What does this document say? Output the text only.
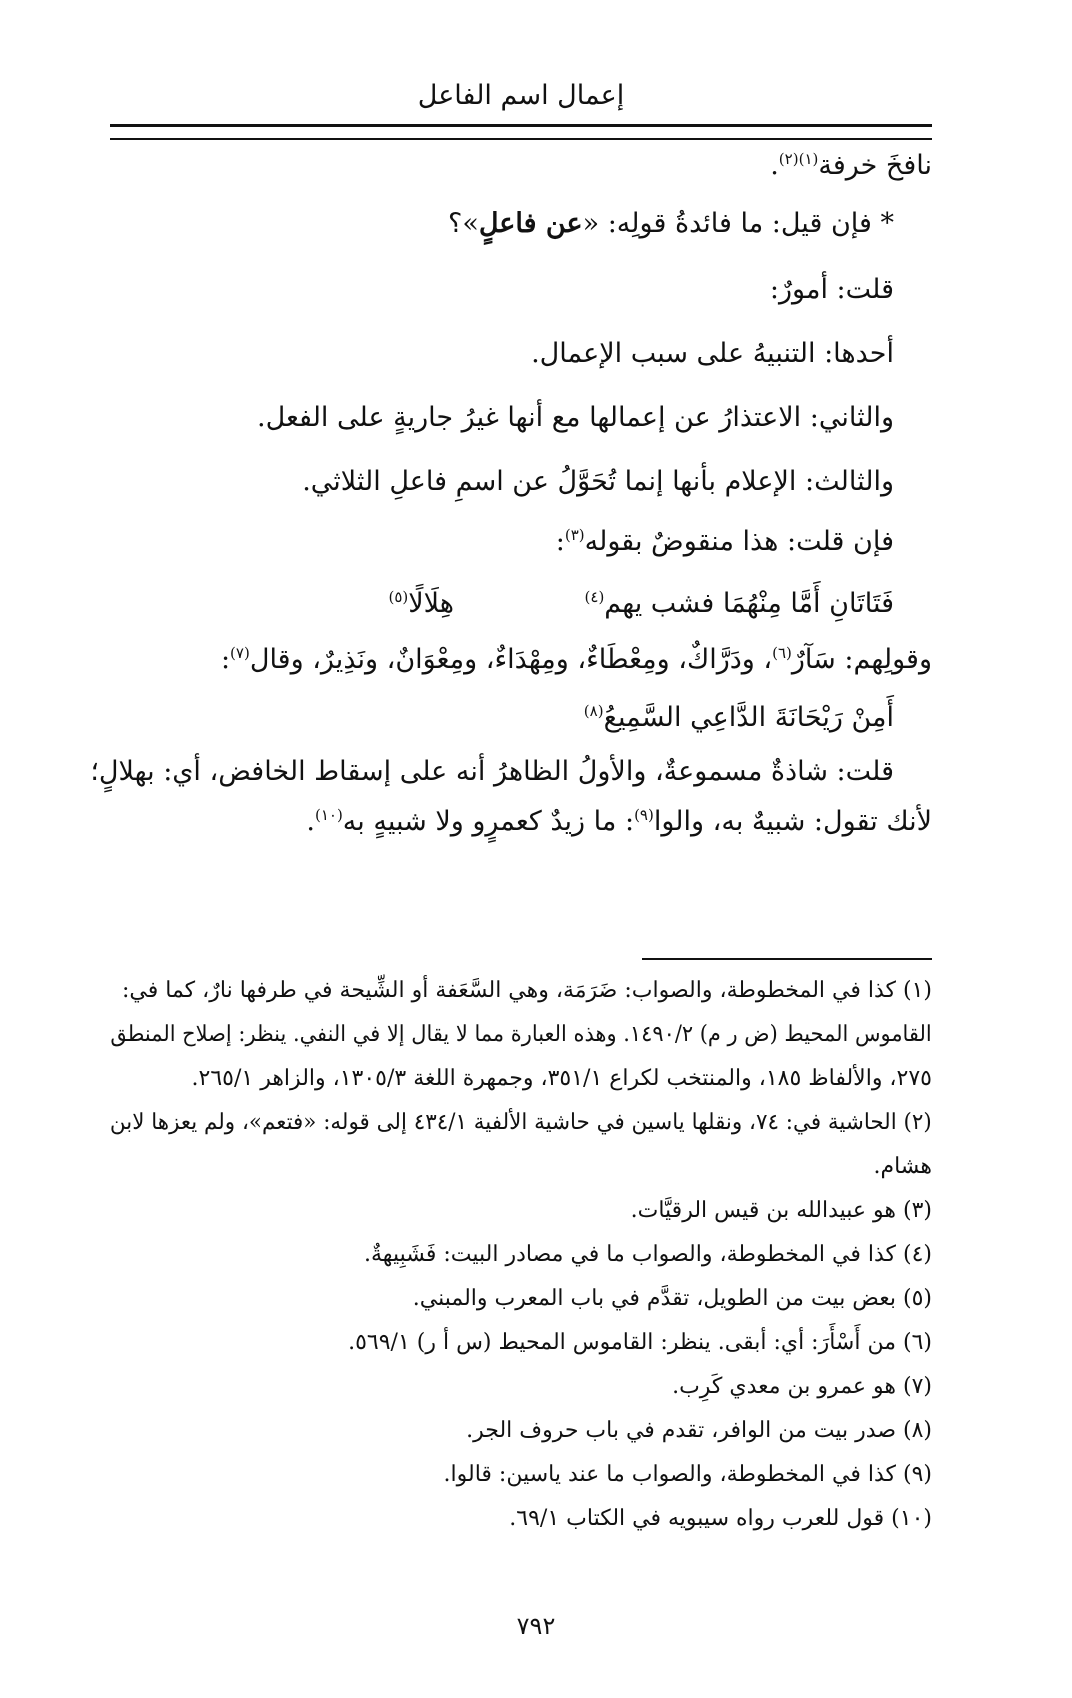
إعمال اسم الفاعل
نافخَ خرفة$^{(١)(٢)}$.
* فإن قيل: ما فائدةُ قولِه: «عن فاعلٍ»؟
قلت: أمورٌ:
أحدها: التنبيهُ على سبب الإعمال.
والثاني: الاعتذارُ عن إعمالها مع أنها غيرُ جاريةٍ على الفعل.
والثالث: الإعلام بأنها إنما تُحَوَّلُ عن اسمِ فاعلِ الثلاثي.
فإن قلت: هذا منقوضٌ بقوله$^{(٣)}$:
فَتَاتَانِ أَمَّا مِنْهُمَا فشب يهم$^{(٤)}$
هِلَالًا$^{(٥)}$
وقولِهم: سَآرٌ$^{(٦)}$، ودَرَّاكٌ، ومِعْطَاءٌ، ومِهْدَاءٌ، ومِعْوَانٌ، ونَذِيرٌ، وقال$^{(٧)}$:
أَمِنْ رَيْحَانَةَ الدَّاعِي السَّمِيعُ$^{(٨)}$
قلت: شاذةٌ مسموعةٌ، والأولُ الظاهرُ أنه على إسقاط الخافض، أي: بهلالٍ؛
لأنك تقول: شبيهٌ به، والوا$^{(٩)}$: ما زيدٌ كعمرٍو ولا شبيهٍ به$^{(١٠)}$.
(١) كذا في المخطوطة، والصواب: ضَرَمَة، وهي السَّعَفة أو الشِّيحة في طرفها نارٌ، كما في:
القاموس المحيط (ض ر م) ١٤٩٠/٢. وهذه العبارة مما لا يقال إلا في النفي. ينظر: إصلاح المنطق
٢٧٥، والألفاظ ١٨٥، والمنتخب لكراع ٣٥١/١، وجمهرة اللغة ١٣٠٥/٣، والزاهر ٢٦٥/١.
(٢) الحاشية في: ٧٤، ونقلها ياسين في حاشية الألفية ٤٣٤/١ إلى قوله: «فتعم»، ولم يعزها لابن
هشام.
(٣) هو عبيدالله بن قيس الرقيَّات.
(٤) كذا في المخطوطة، والصواب ما في مصادر البيت: فَشَبِيهةٌ.
(٥) بعض بيت من الطويل، تقدَّم في باب المعرب والمبني.
(٦) من أَسْأَرَ: أي: أبقى. ينظر: القاموس المحيط (س أ ر) ٥٦٩/١.
(٧) هو عمرو بن معدي كَرِب.
(٨) صدر بيت من الوافر، تقدم في باب حروف الجر.
(٩) كذا في المخطوطة، والصواب ما عند ياسين: قالوا.
(١٠) قول للعرب رواه سيبويه في الكتاب ٦٩/١.
٧٩٢
